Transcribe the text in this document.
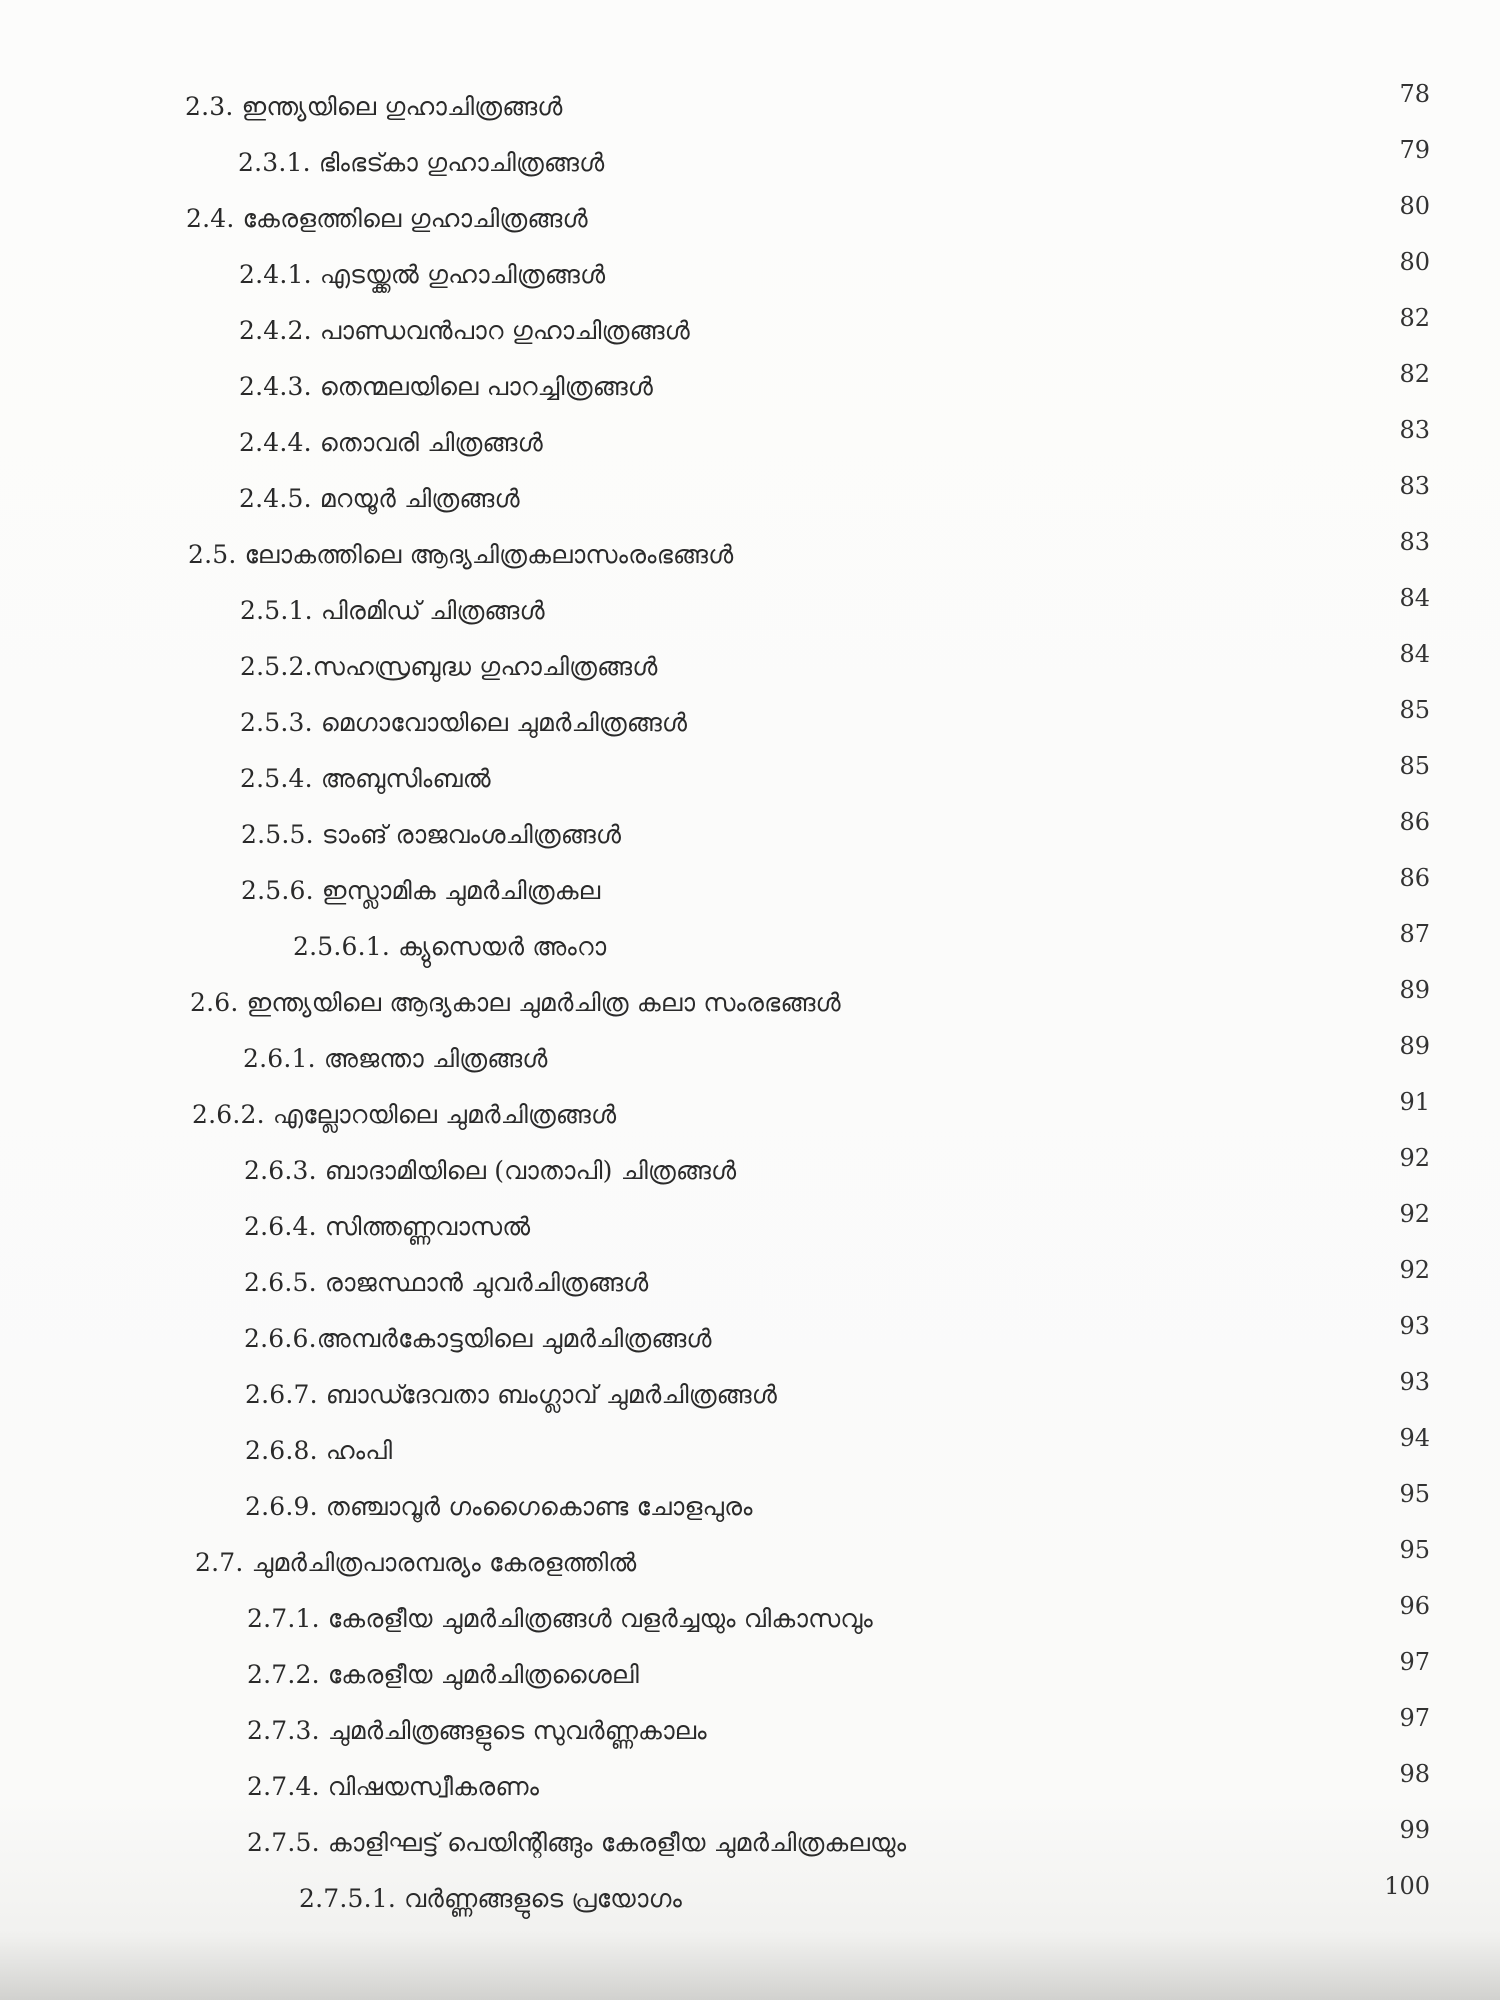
2.3. ഇന്ത്യയിലെ ഗുഹാചിത്രങ്ങൾ	78
2.3.1. ഭിംഭട്കാ ഗുഹാചിത്രങ്ങൾ	79
2.4. കേരളത്തിലെ ഗുഹാചിത്രങ്ങൾ	80
2.4.1. എടയ്ക്കൽ ഗുഹാചിത്രങ്ങൾ	80
2.4.2. പാണ്ഡവൻപാറ ഗുഹാചിത്രങ്ങൾ	82
2.4.3. തെന്മലയിലെ പാറച്ചിത്രങ്ങൾ	82
2.4.4. തൊവരി ചിത്രങ്ങൾ	83
2.4.5. മറയൂർ ചിത്രങ്ങൾ	83
2.5. ലോകത്തിലെ ആദ്യചിത്രകലാസംരംഭങ്ങൾ	83
2.5.1. പിരമിഡ് ചിത്രങ്ങൾ	84
2.5.2.സഹസ്രബുദ്ധ ഗുഹാചിത്രങ്ങൾ	84
2.5.3. മെഗാവോയിലെ ചുമർചിത്രങ്ങൾ	85
2.5.4. അബുസിംബൽ	85
2.5.5. ടാംങ് രാജവംശചിത്രങ്ങൾ	86
2.5.6. ഇസ്ലാമിക ചുമർചിത്രകല	86
2.5.6.1. ക്യുസെയർ അംറാ	87
2.6. ഇന്ത്യയിലെ ആദ്യകാല ചുമർചിത്ര കലാ സംരഭങ്ങൾ	89
2.6.1. അജന്താ ചിത്രങ്ങൾ	89
2.6.2. എല്ലോറയിലെ ചുമർചിത്രങ്ങൾ	91
2.6.3. ബാദാമിയിലെ (വാതാപി) ചിത്രങ്ങൾ	92
2.6.4. സിത്തണ്ണവാസൽ	92
2.6.5. രാജസ്ഥാൻ ചുവർചിത്രങ്ങൾ	92
2.6.6.അമ്പർകോട്ടയിലെ ചുമർചിത്രങ്ങൾ	93
2.6.7. ബാഡ്ദേവതാ ബംഗ്ലാവ് ചുമർചിത്രങ്ങൾ	93
2.6.8. ഹംപി	94
2.6.9. തഞ്ചാവൂർ ഗംഗൈകൊണ്ട ചോളപുരം	95
2.7. ചുമർചിത്രപാരമ്പര്യം കേരളത്തിൽ	95
2.7.1. കേരളീയ ചുമർചിത്രങ്ങൾ വളർച്ചയും വികാസവും	96
2.7.2. കേരളീയ ചുമർചിത്രശൈലി	97
2.7.3. ചുമർചിത്രങ്ങളുടെ സുവർണ്ണകാലം	97
2.7.4. വിഷയസ്വീകരണം	98
2.7.5. കാളിഘട്ട് പെയിന്റിങ്ങും കേരളീയ ചുമർചിത്രകലയും	99
2.7.5.1. വർണ്ണങ്ങളുടെ പ്രയോഗം	100
